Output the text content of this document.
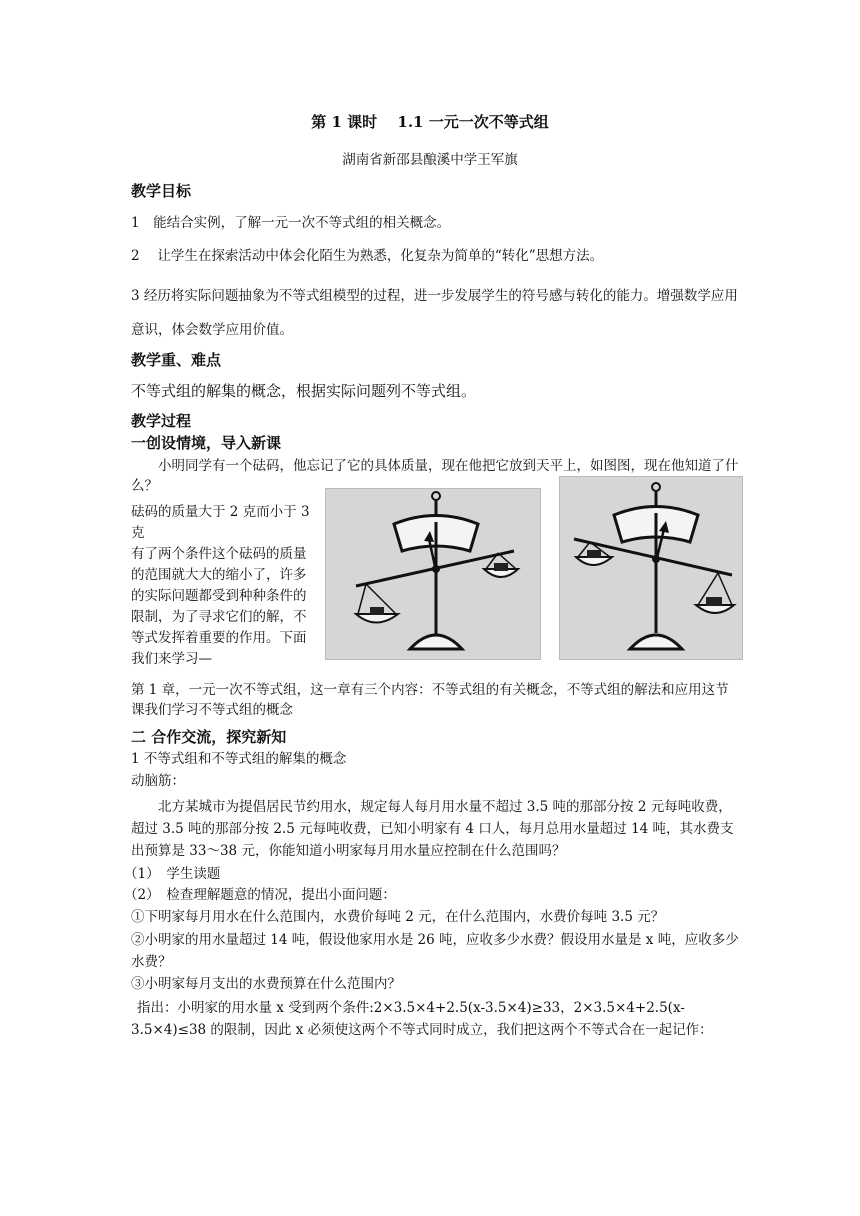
第 1 课时　 1.1 一元一次不等式组
湖南省新邵县酿溪中学王军旗
教学目标

1　能结合实例，了解一元一次不等式组的相关概念。

2　 让学生在探索活动中体会化陌生为熟悉，化复杂为简单的“转化”思想方法。

3 经历将实际问题抽象为不等式组模型的过程，进一步发展学生的符号感与转化的能力。增强数学应用意识，体会数学应用价值。

教学重、难点

不等式组的解集的概念，根据实际问题列不等式组。

教学过程
一创设情境，导入新课

小明同学有一个砝码，他忘记了它的具体质量，现在他把它放到天平上，如图图，现在他知道了什么？

砝码的质量大于 2 克而小于 3 克
有了两个条件这个砝码的质量的范围就大大的缩小了，许多的实际问题都受到种种条件的限制，为了寻求它们的解，不等式发挥着重要的作用。下面我们来学习—

第 1 章，一元一次不等式组，这一章有三个内容：不等式组的有关概念，不等式组的解法和应用这节课我们学习不等式组的概念

二 合作交流，探究新知

1 不等式组和不等式组的解集的概念

动脑筋：

北方某城市为提倡居民节约用水，规定每人每月用水量不超过 3.5 吨的那部分按 2 元每吨收费，超过 3.5 吨的那部分按 2.5 元每吨收费，已知小明家有 4 口人，每月总用水量超过 14 吨，其水费支出预算是 33～38 元，你能知道小明家每月用水量应控制在什么范围吗？

（1）　学生读题

（2）　检查理解题意的情况，提出小面问题：

①下明家每月用水在什么范围内，水费价每吨 2 元，在什么范围内，水费价每吨 3.5 元？

②小明家的用水量超过 14 吨，假设他家用水是 26 吨，应收多少水费？假设用水量是 x 吨，应收多少水费？

③小明家每月支出的水费预算在什么范围内？

指出：小明家的用水量 x 受到两个条件:2×3.5×4+2.5(x-3.5×4)≥33，2×3.5×4+2.5(x-3.5×4)≤38 的限制，因此 x 必须使这两个不等式同时成立，我们把这两个不等式合在一起记作：
